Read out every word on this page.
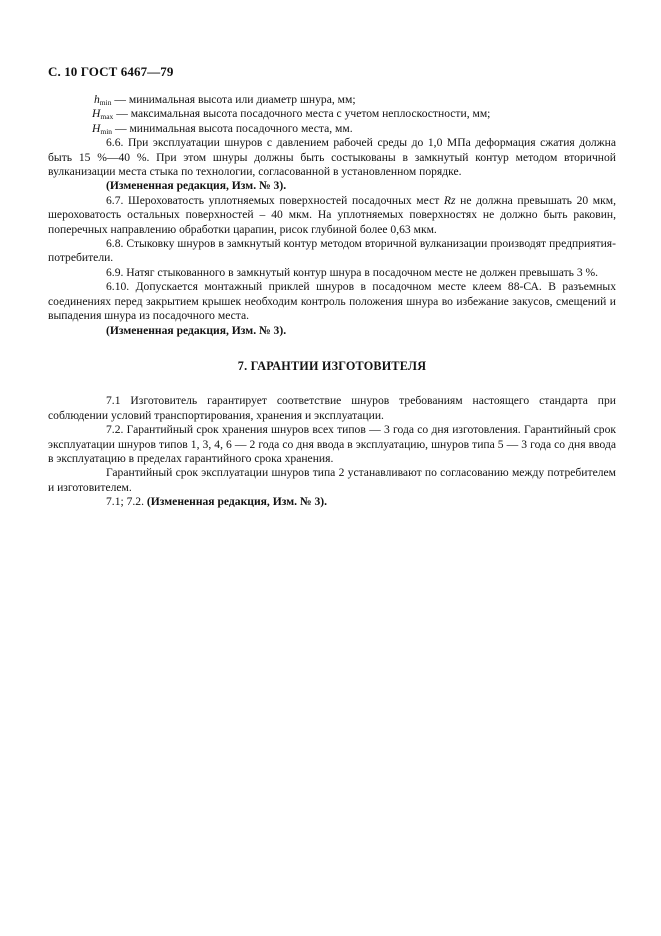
С. 10 ГОСТ 6467—79
$h_{min}$ — минимальная высота или диаметр шнура, мм;
$H_{max}$ — максимальная высота посадочного места с учетом неплоскостности, мм;
$H_{min}$ — минимальная высота посадочного места, мм.

6.6. При эксплуатации шнуров с давлением рабочей среды до 1,0 МПа деформация сжатия должна быть 15 %—40 %. При этом шнуры должны быть состыкованы в замкнутый контур методом вторичной вулканизации места стыка по технологии, согласованной в установленном порядке.

(Измененная редакция, Изм. № 3).

6.7. Шероховатость уплотняемых поверхностей посадочных мест Rz не должна превышать 20 мкм, шероховатость остальных поверхностей – 40 мкм. На уплотняемых поверхностях не должно быть раковин, поперечных направлению обработки царапин, рисок глубиной более 0,63 мкм.

6.8. Стыковку шнуров в замкнутый контур методом вторичной вулканизации производят предприятия-потребители.

6.9. Натяг стыкованного в замкнутый контур шнура в посадочном месте не должен превышать 3 %.

6.10. Допускается монтажный приклей шнуров в посадочном месте клеем 88-СА. В разъемных соединениях перед закрытием крышек необходим контроль положения шнура во избежание закусов, смещений и выпадения шнура из посадочного места.

(Измененная редакция, Изм. № 3).

7. ГАРАНТИИ ИЗГОТОВИТЕЛЯ

7.1 Изготовитель гарантирует соответствие шнуров требованиям настоящего стандарта при соблюдении условий транспортирования, хранения и эксплуатации.

7.2. Гарантийный срок хранения шнуров всех типов — 3 года со дня изготовления. Гарантийный срок эксплуатации шнуров типов 1, 3, 4, 6 — 2 года со дня ввода в эксплуатацию, шнуров типа 5 — 3 года со дня ввода в эксплуатацию в пределах гарантийного срока хранения.

Гарантийный срок эксплуатации шнуров типа 2 устанавливают по согласованию между потребителем и изготовителем.

7.1; 7.2. (Измененная редакция, Изм. № 3).
